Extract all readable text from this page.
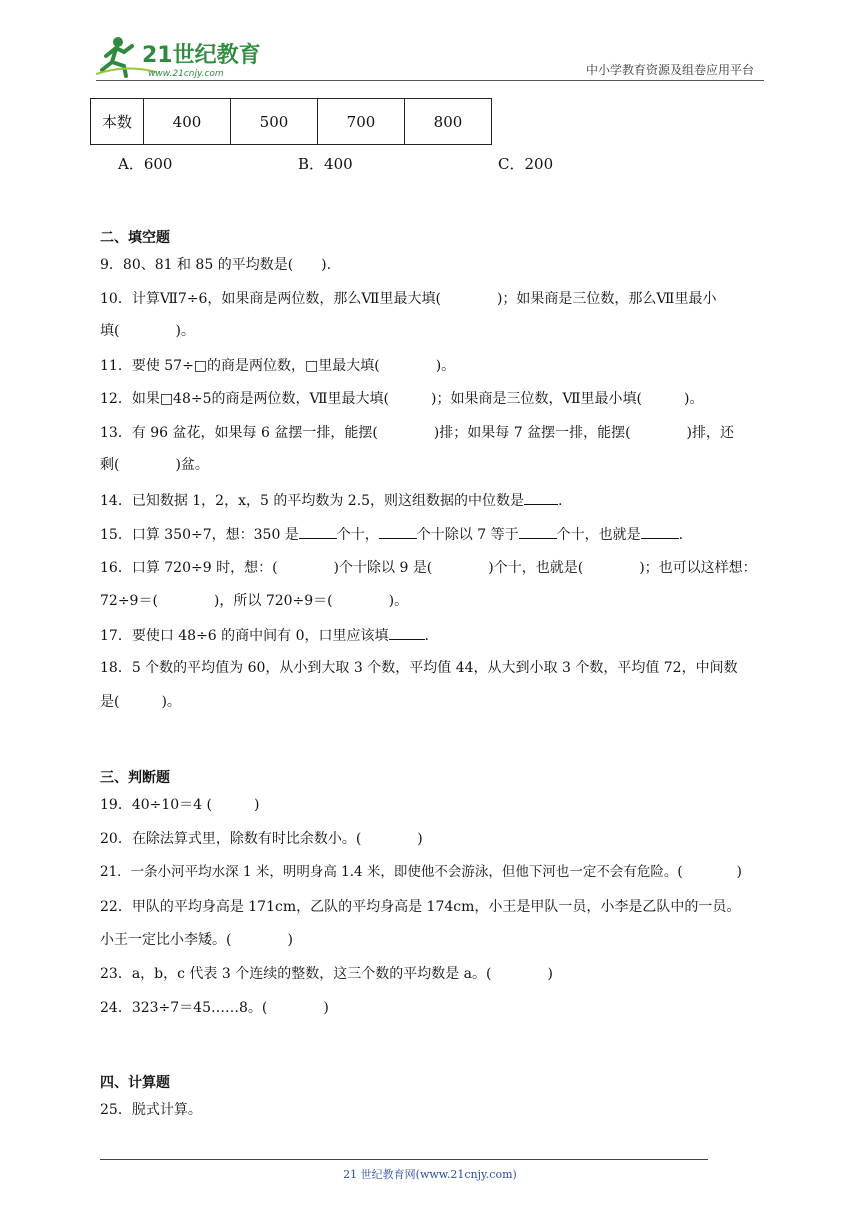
21世纪教育
www.21cnjy.com	中小学教育资源及组卷应用平台
本数	400	500	700	800
A．600	B．400	C．200
二、填空题
9．80、81 和 85 的平均数是(　　).
10．计算Ⅶ7÷6，如果商是两位数，那么Ⅶ里最大填(　　　　)；如果商是三位数，那么Ⅶ里最小
填(　　　　)。
11．要使 57÷□的商是两位数，□里最大填(　　　　)。
12．如果□48÷5的商是两位数，Ⅶ里最大填(　　　)；如果商是三位数，Ⅶ里最小填(　　　)。
13．有 96 盆花，如果每 6 盆摆一排，能摆(　　　　)排；如果每 7 盆摆一排，能摆(　　　　)排，还
剩(　　　　)盆。
14．已知数据 1，2，x，5 的平均数为 2.5，则这组数据的中位数是 .
15．口算 350÷7，想：350 是	个十，	个十除以 7 等于	个十，也就是	.
16．口算 720÷9 时，想：(　　　　)个十除以 9 是(　　　　)个十，也就是(　　　　)；也可以这样想：
72÷9＝(　　　　)，所以 720÷9＝(　　　　)。
17．要使口 48÷6 的商中间有 0，口里应该填	.
18．5 个数的平均值为 60，从小到大取 3 个数，平均值 44，从大到小取 3 个数，平均值 72，中间数
是(　　　)。
三、判断题
19．40÷10＝4 (　　　)
20．在除法算式里，除数有时比余数小。(　　　　)
21．一条小河平均水深 1 米，明明身高 1.4 米，即使他不会游泳，但他下河也一定不会有危险。(　　　　)
22．甲队的平均身高是 171cm，乙队的平均身高是 174cm，小王是甲队一员，小李是乙队中的一员。
小王一定比小李矮。(　　　　)
23．a，b，c 代表 3 个连续的整数，这三个数的平均数是 a。(　　　　)
24．323÷7＝45……8。(　　　　)
四、计算题
25．脱式计算。
21 世纪教育网(www.21cnjy.com)
